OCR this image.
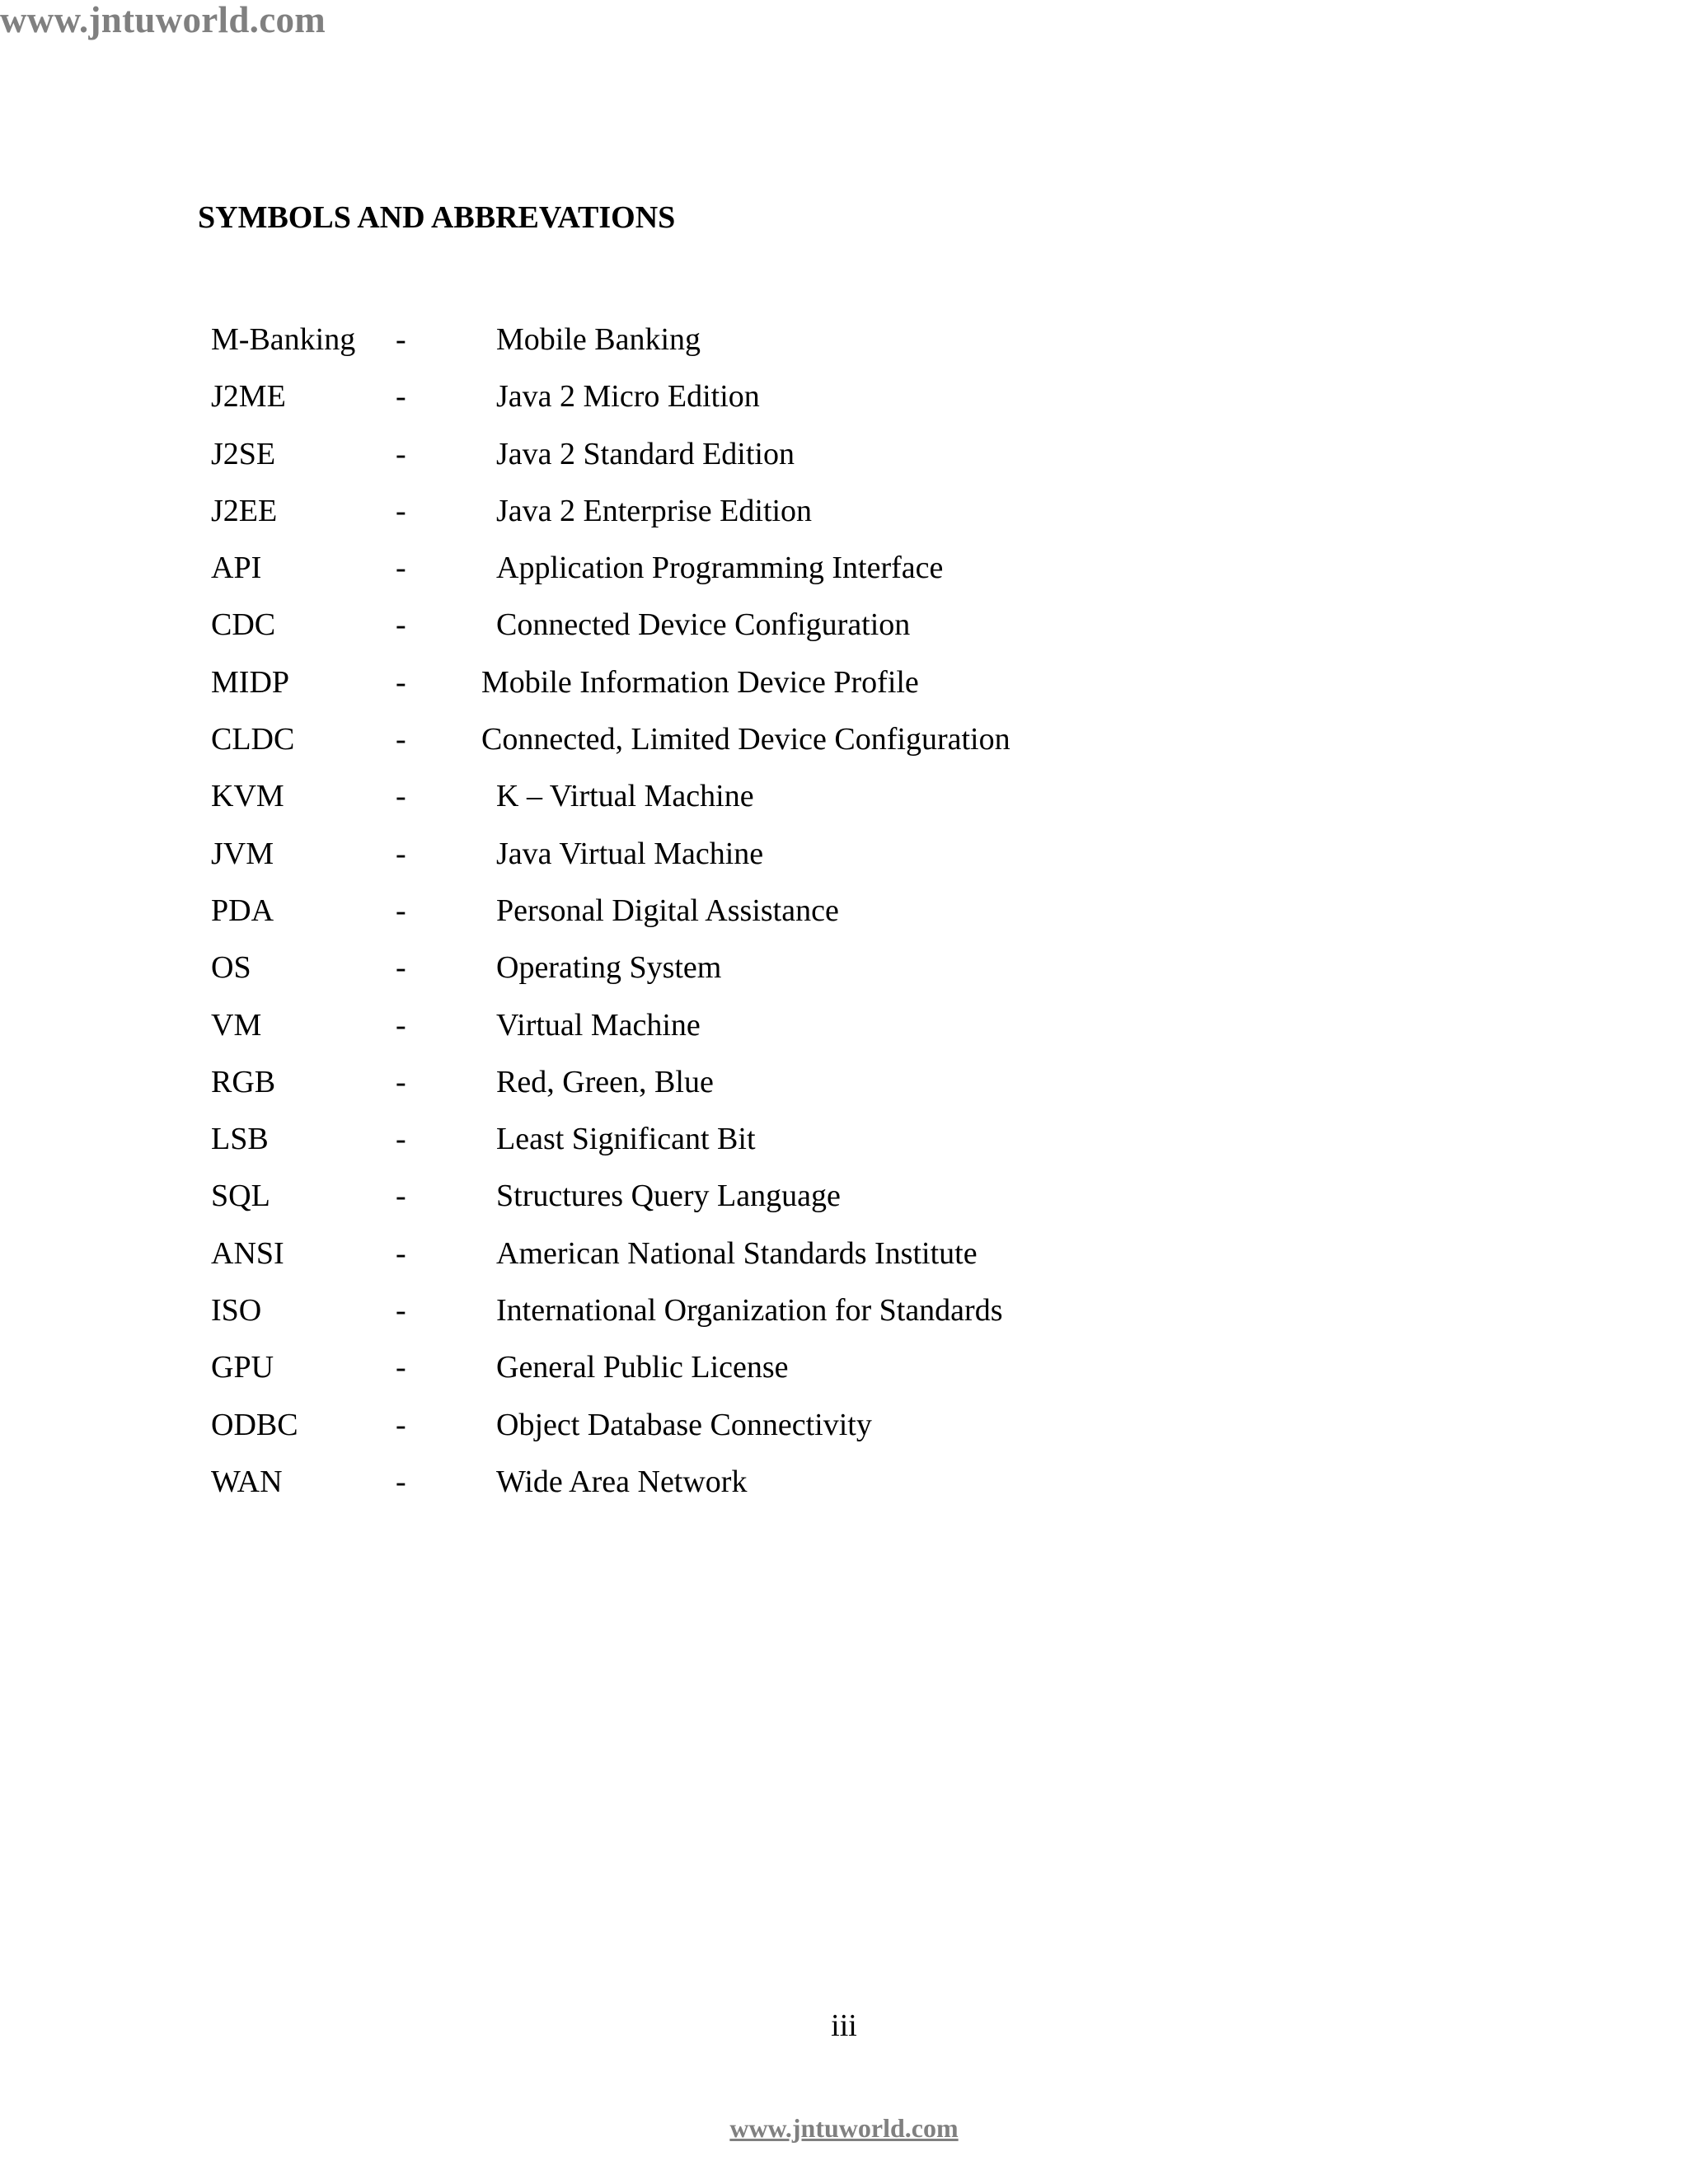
www.jntuworld.com
SYMBOLS AND ABBREVATIONS
M-Banking -	Mobile Banking
J2ME	-	Java 2 Micro Edition
J2SE	-	Java 2 Standard Edition
J2EE	-	Java 2 Enterprise Edition
API	-	Application Programming Interface
CDC	-	Connected Device Configuration
MIDP	- Mobile Information Device Profile
CLDC	- Connected, Limited Device Configuration
KVM	-	K – Virtual Machine
JVM	-	Java Virtual Machine
PDA	-	Personal Digital Assistance
OS	-	Operating System
VM	-	Virtual Machine
RGB	-	Red, Green, Blue
LSB	-	Least Significant Bit
SQL	-	Structures Query Language
ANSI	-	American National Standards Institute
ISO	-	International Organization for Standards
GPU	-	General Public License
ODBC	-	Object Database Connectivity
WAN	-	Wide Area Network
iii
www.jntuworld.com
